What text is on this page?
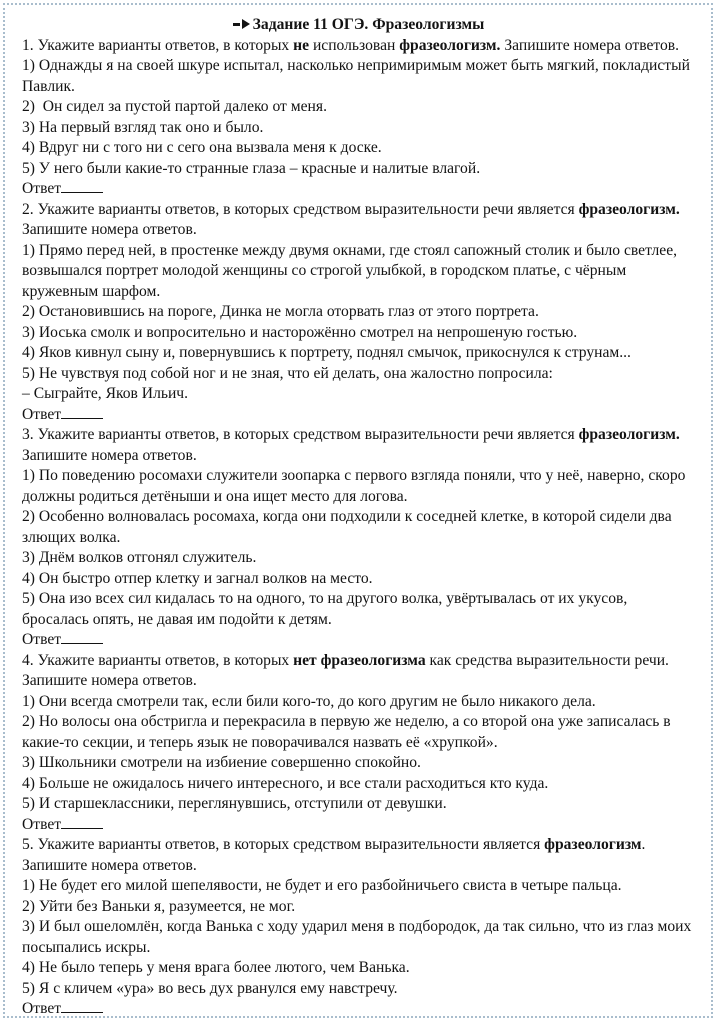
Задание 11 ОГЭ. Фразеологизмы

1. Укажите варианты ответов, в которых не использован фразеологизм. Запишите номера ответов.

1) Однажды я на своей шкуре испытал, насколько непримиримым может быть мягкий, покладистый Павлик.

2)  Он сидел за пустой партой далеко от меня.

3) На первый взгляд так оно и было.

4) Вдруг ни с того ни с сего она вызвала меня к доске.

5) У него были какие-то странные глаза – красные и налитые влагой.

Ответ

2. Укажите варианты ответов, в которых средством выразительности речи является фразеологизм.

Запишите номера ответов.

1) Прямо перед ней, в простенке между двумя окнами, где стоял сапожный столик и было светлее, возвышался портрет молодой женщины со строгой улыбкой, в городском платье, с чёрным кружевным шарфом.

2) Остановившись на пороге, Динка не могла оторвать глаз от этого портрета.

3) Иоська смолк и вопросительно и насторожённо смотрел на непрошеную гостью.

4) Яков кивнул сыну и, повернувшись к портрету, поднял смычок, прикоснулся к струнам...

5) Не чувствуя под собой ног и не зная, что ей делать, она жалостно попросила:

– Сыграйте, Яков Ильич.

Ответ

3. Укажите варианты ответов, в которых средством выразительности речи является фразеологизм.

Запишите номера ответов.

1) По поведению росомахи служители зоопарка с первого взгляда поняли, что у неё, наверно, скоро должны родиться детёныши и она ищет место для логова.

2) Особенно волновалась росомаха, когда они подходили к соседней клетке, в которой сидели два злющих волка.

3) Днём волков отгонял служитель.

4) Он быстро отпер клетку и загнал волков на место.

5) Она изо всех сил кидалась то на одного, то на другого волка, увёртывалась от их укусов, бросалась опять, не давая им подойти к детям.

Ответ

4. Укажите варианты ответов, в которых нет фразеологизма как средства выразительности речи.

Запишите номера ответов.

1) Они всегда смотрели так, если били кого-то, до кого другим не было никакого дела.

2) Но волосы она обстригла и перекрасила в первую же неделю, а со второй она уже записалась в какие-то секции, и теперь язык не поворачивался назвать её «хрупкой».

3) Школьники смотрели на избиение совершенно спокойно.

4) Больше не ожидалось ничего интересного, и все стали расходиться кто куда.

5) И старшеклассники, переглянувшись, отступили от девушки.

Ответ

5. Укажите варианты ответов, в которых средством выразительности является фразеологизм.

Запишите номера ответов.

1) Не будет его милой шепелявости, не будет и его разбойничьего свиста в четыре пальца.

2) Уйти без Ваньки я, разумеется, не мог.

3) И был ошеломлён, когда Ванька с ходу ударил меня в подбородок, да так сильно, что из глаз моих посыпались искры.

4) Не было теперь у меня врага более лютого, чем Ванька.

5) Я с кличем «ура» во весь дух рванулся ему навстречу.

Ответ
